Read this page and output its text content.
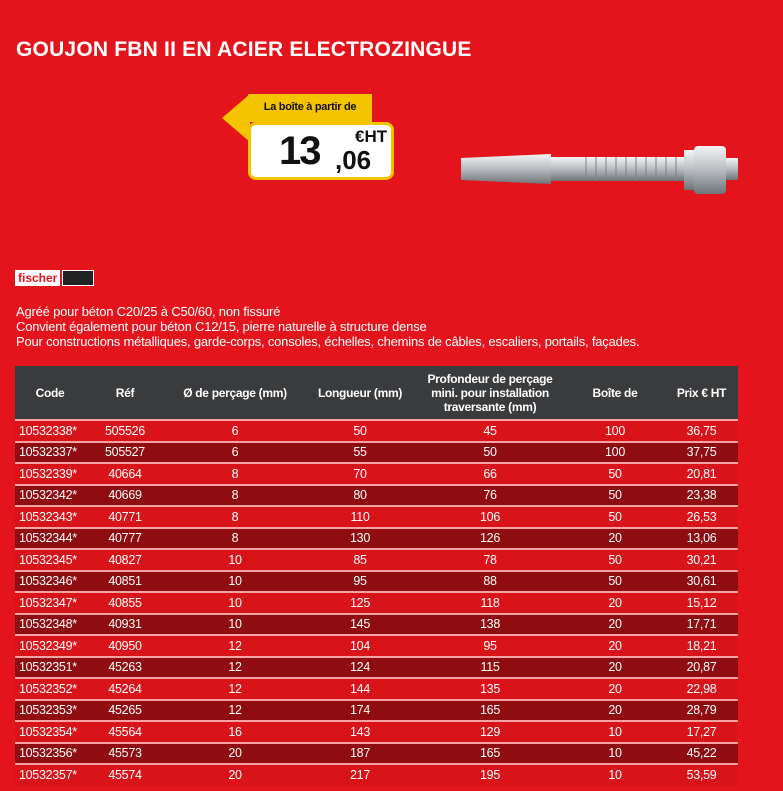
GOUJON FBN II EN ACIER ELECTROZINGUE
La boîte à partir de
13 ,06
€HT
fischer
Agréé pour béton C20/25 à C50/60, non fissuré
Convient également pour béton C12/15, pierre naturelle à structure dense
Pour constructions métalliques, garde-corps, consoles, échelles, chemins de câbles, escaliers, portails, façades.
Code	Réf	Ø de perçage (mm)	Longueur (mm)	Profondeur de perçage mini. pour installation traversante (mm)	Boîte de	Prix € HT
10532338*	505526	6	50	45	100	36,75
10532337*	505527	6	55	50	100	37,75
10532339*	40664	8	70	66	50	20,81
10532342*	40669	8	80	76	50	23,38
10532343*	40771	8	110	106	50	26,53
10532344*	40777	8	130	126	20	13,06
10532345*	40827	10	85	78	50	30,21
10532346*	40851	10	95	88	50	30,61
10532347*	40855	10	125	118	20	15,12
10532348*	40931	10	145	138	20	17,71
10532349*	40950	12	104	95	20	18,21
10532351*	45263	12	124	115	20	20,87
10532352*	45264	12	144	135	20	22,98
10532353*	45265	12	174	165	20	28,79
10532354*	45564	16	143	129	10	17,27
10532356*	45573	20	187	165	10	45,22
10532357*	45574	20	217	195	10	53,59
